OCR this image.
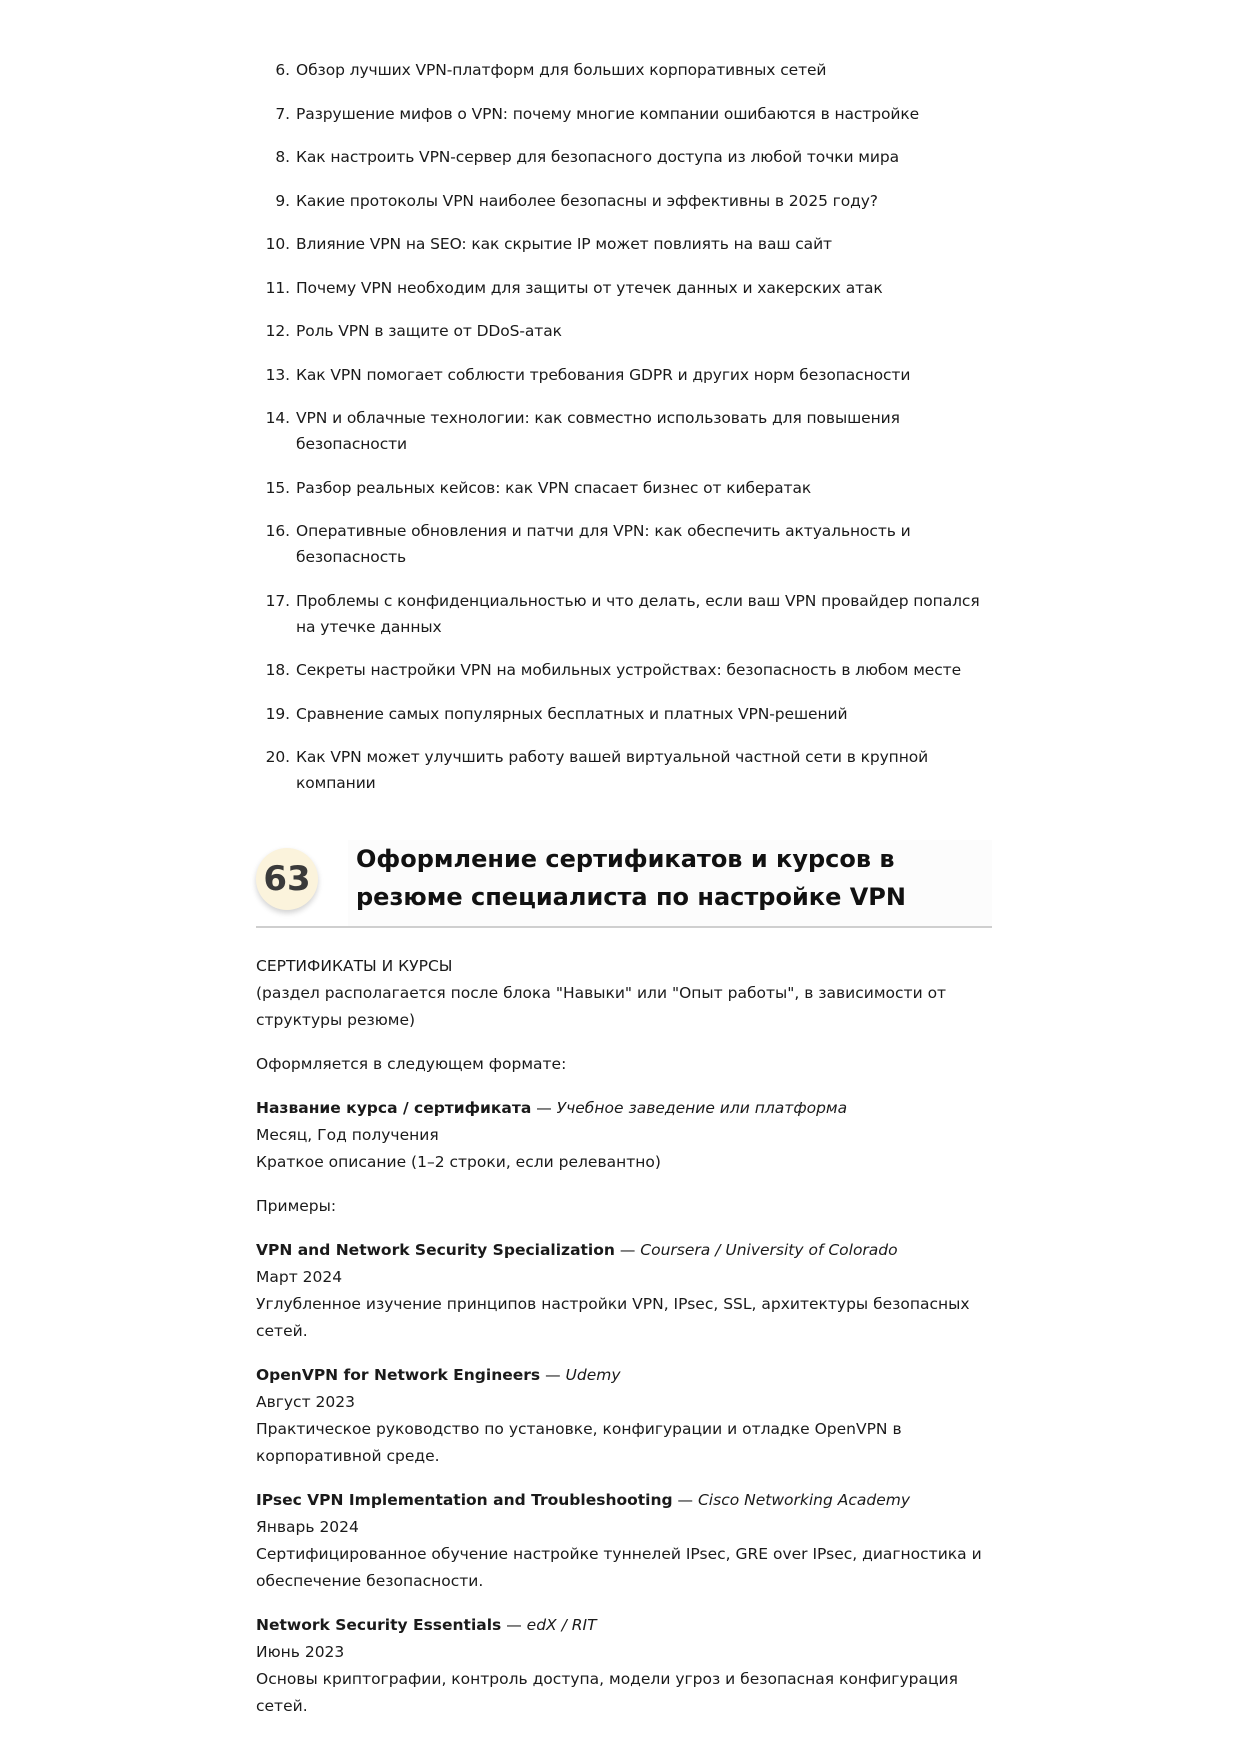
6. Обзор лучших VPN-платформ для больших корпоративных сетей
7. Разрушение мифов о VPN: почему многие компании ошибаются в настройке
8. Как настроить VPN-сервер для безопасного доступа из любой точки мира
9. Какие протоколы VPN наиболее безопасны и эффективны в 2025 году?
10. Влияние VPN на SEO: как скрытие IP может повлиять на ваш сайт
11. Почему VPN необходим для защиты от утечек данных и хакерских атак
12. Роль VPN в защите от DDoS-атак
13. Как VPN помогает соблюсти требования GDPR и других норм безопасности
14. VPN и облачные технологии: как совместно использовать для повышения безопасности
15. Разбор реальных кейсов: как VPN спасает бизнес от кибератак
16. Оперативные обновления и патчи для VPN: как обеспечить актуальность и безопасность
17. Проблемы с конфиденциальностью и что делать, если ваш VPN провайдер попался на утечке данных
18. Секреты настройки VPN на мобильных устройствах: безопасность в любом месте
19. Сравнение самых популярных бесплатных и платных VPN-решений
20. Как VPN может улучшить работу вашей виртуальной частной сети в крупной компании
63	Оформление сертификатов и курсов в резюме специалиста по настройке VPN

СЕРТИФИКАТЫ И КУРСЫ
(раздел располагается после блока "Навыки" или "Опыт работы", в зависимости от структуры резюме)

Оформляется в следующем формате:

Название курса / сертификата — Учебное заведение или платформа
Месяц, Год получения
Краткое описание (1–2 строки, если релевантно)

Примеры:

VPN and Network Security Specialization — Coursera / University of Colorado
Март 2024
Углубленное изучение принципов настройки VPN, IPsec, SSL, архитектуры безопасных сетей.

OpenVPN for Network Engineers — Udemy
Август 2023
Практическое руководство по установке, конфигурации и отладке OpenVPN в корпоративной среде.

IPsec VPN Implementation and Troubleshooting — Cisco Networking Academy
Январь 2024
Сертифицированное обучение настройке туннелей IPsec, GRE over IPsec, диагностика и обеспечение безопасности.

Network Security Essentials — edX / RIT
Июнь 2023
Основы криптографии, контроль доступа, модели угроз и безопасная конфигурация сетей.
